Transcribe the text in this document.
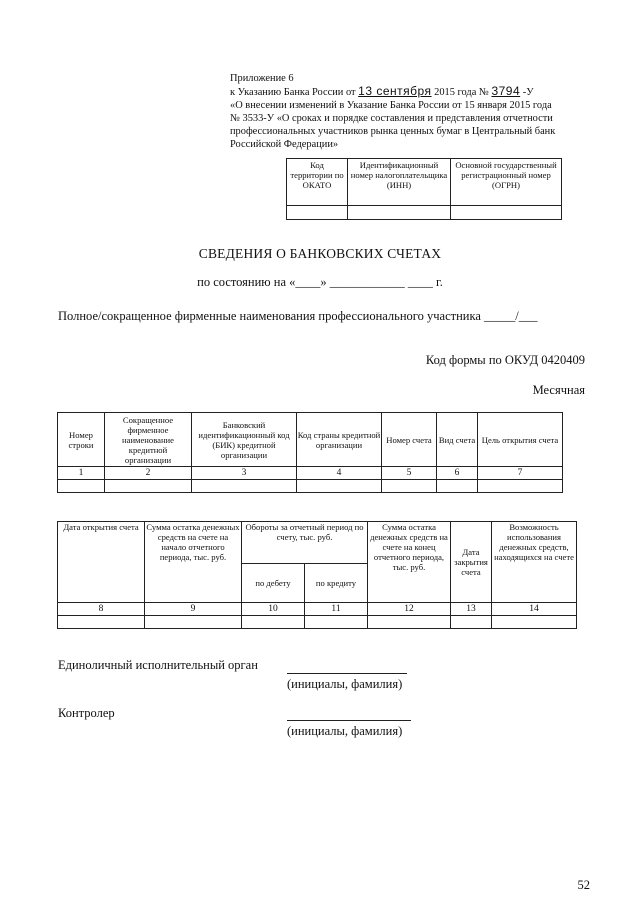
Приложение 6
к Указанию Банка России от 13 сентября 2015 года № 3794 -У
«О внесении изменений в Указание Банка России от 15 января 2015 года
№ 3533-У «О сроках и порядке составления и представления отчетности
профессиональных участников рынка ценных бумаг в Центральный банк
Российской Федерации»
Код территории по ОКАТО	Идентификационный номер налогоплательщика (ИНН)	Основной государственный регистрационный номер (ОГРН)

СВЕДЕНИЯ О БАНКОВСКИХ СЧЕТАХ
по состоянию на «____» ____________ ____ г.
Полное/сокращенное фирменные наименования профессионального участника _____/___
Код формы по ОКУД 0420409
Месячная
Номер строки	Сокращенное фирменное наименование кредитной организации	Банковский идентификационный код (БИК) кредитной организации	Код страны кредитной организации	Номер счета	Вид счета	Цель открытия счета
1	2	3	4	5	6	7

Дата открытия счета	Сумма остатка денежных средств на счете на начало отчетного периода, тыс. руб.	Обороты за отчетный период по счету, тыс. руб.		Сумма остатка денежных средств на счете на конец отчетного периода, тыс. руб.	Дата закрытия счета	Возможность использования денежных средств, находящихся на счете
		по дебету	по кредиту			
8	9	10	11	12	13	14

Единоличный исполнительный орган
(инициалы, фамилия)
Контролер
(инициалы, фамилия)
52
